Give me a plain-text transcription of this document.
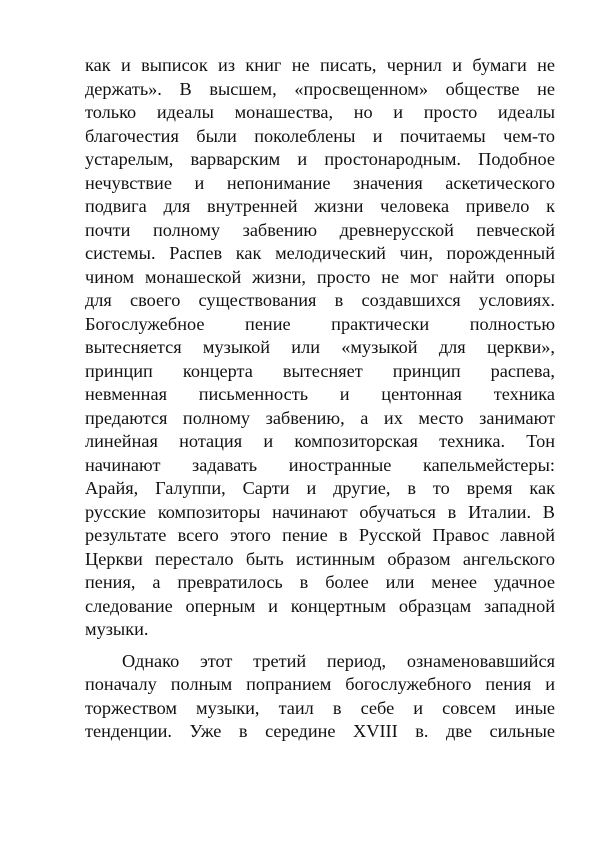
как и выписок из книг не писать, чернил и бумаги не
держать». В высшем, «просвещенном» обществе не
только идеалы монашества, но и просто идеалы
благочестия были поколеблены и почитаемы чем-то
устарелым, варварским и простонародным. Подобное
нечувствие и непонимание значения аскетического
подвига для внутренней жизни человека привело к
почти полному забвению древнерусской певческой
системы. Распев как мелодический чин, порожденный
чином монашеской жизни, просто не мог найти опоры
для своего существования в создавшихся условиях.
Богослужебное пение практически полностью
вытесняется музыкой или «музыкой для церкви»,
принцип концерта вытесняет принцип распева,
невменная письменность и центонная техника
предаются полному забвению, а их место занимают
линейная нотация и композиторская техника. Тон
начинают задавать иностранные капельмейстеры:
Арайя, Галуппи, Сарти и другие, в то время как
русские композиторы начинают обучаться в Италии. В
результате всего этого пение в Русской Правос лавной
Церкви перестало быть истинным образом ангельского
пения, а превратилось в более или менее удачное
следование оперным и концертным образцам западной
музыки.

Однако этот третий период, ознаменовавшийся
поначалу полным попранием богослужебного пения и
торжеством музыки, таил в себе и совсем иные
тенденции. Уже в середине XVIII в. две сильные
